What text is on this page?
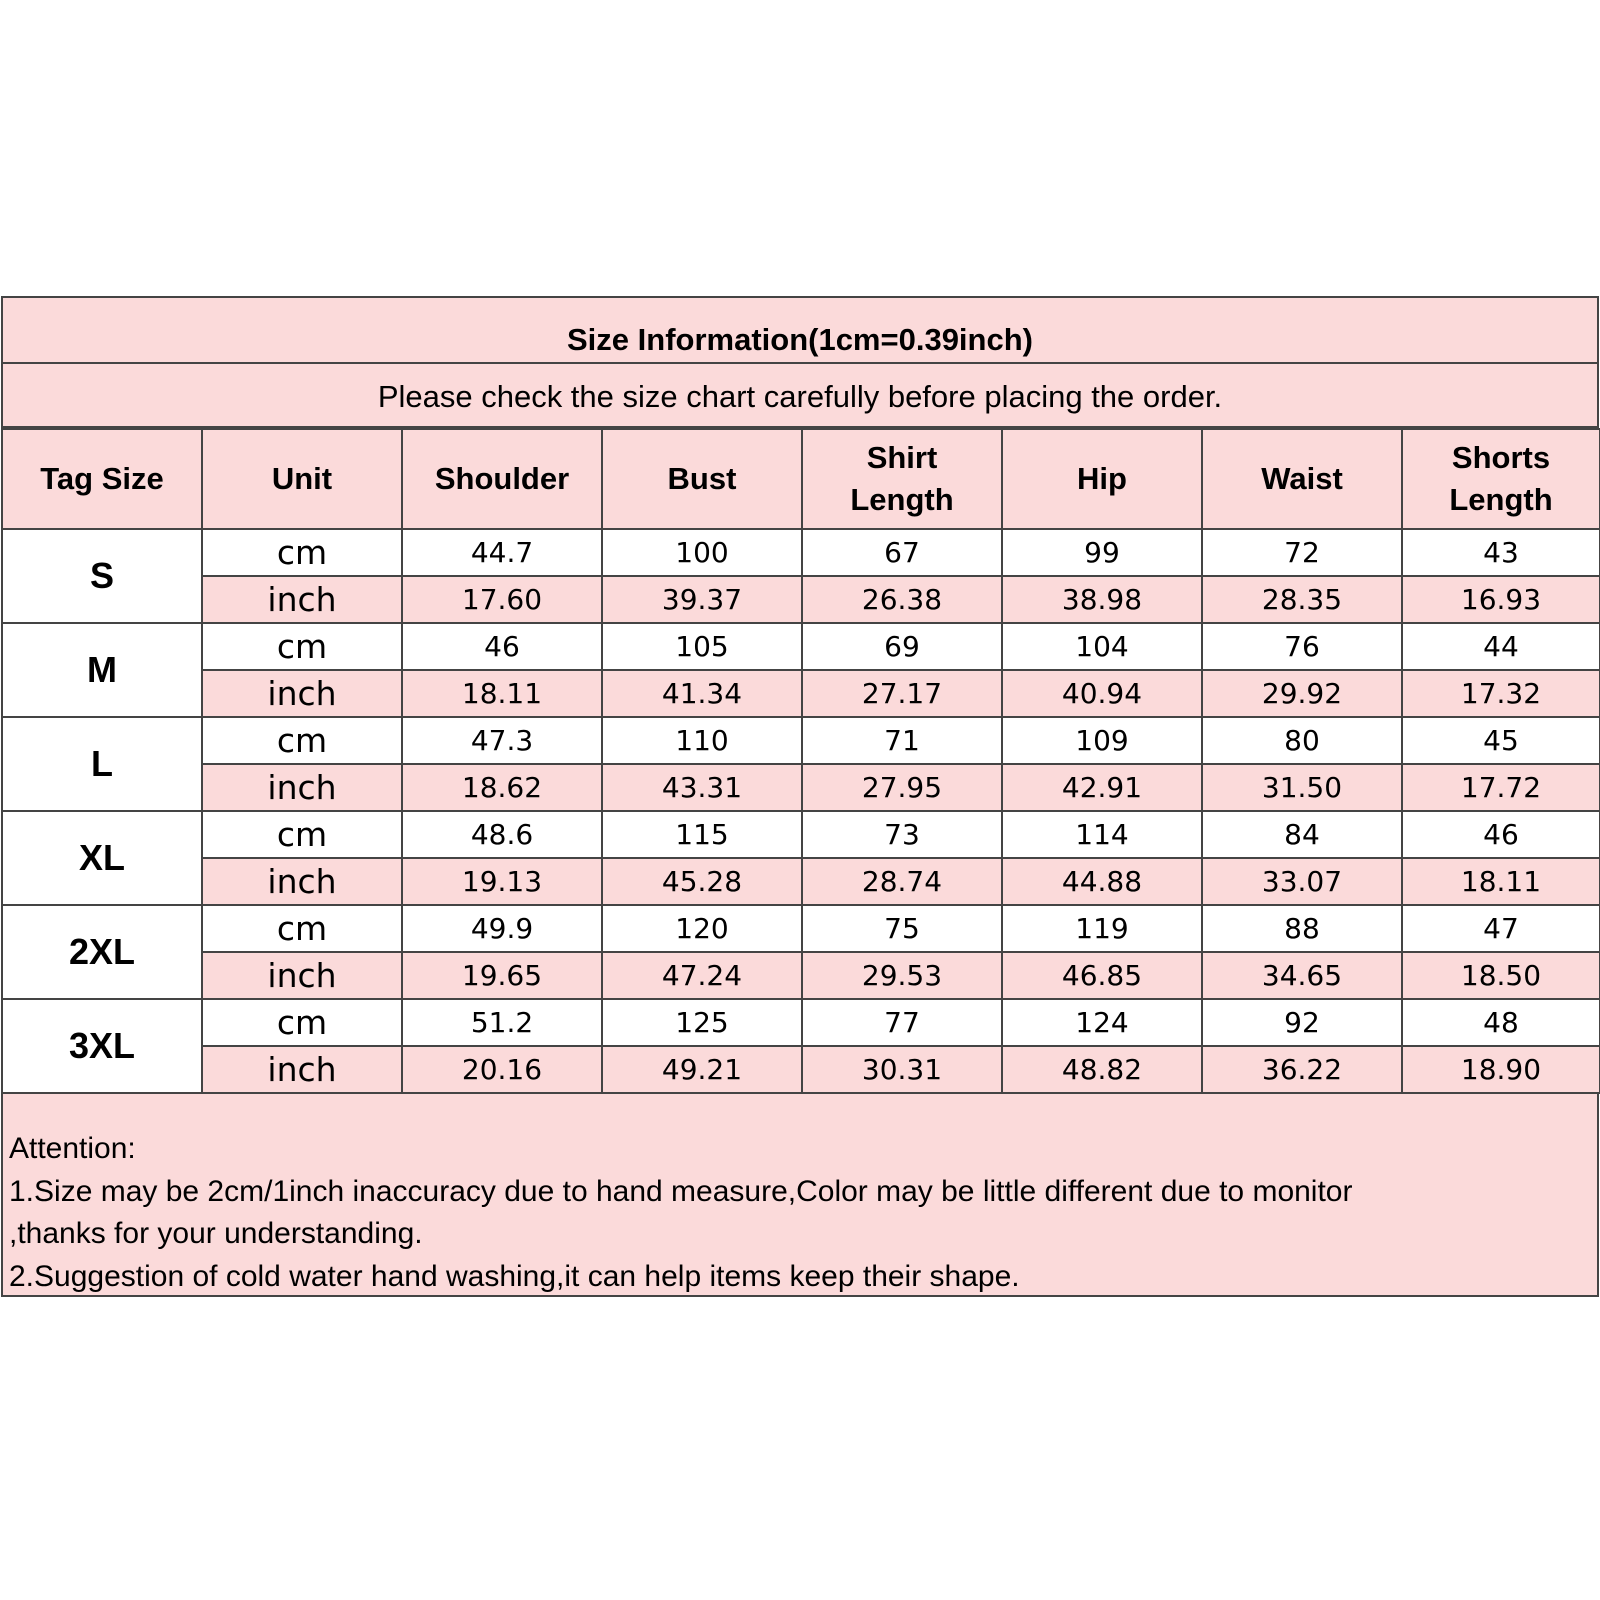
Size Information(1cm=0.39inch)
Please check the size chart carefully before placing the order.
Tag Size	Unit	Shoulder	Bust	Shirt Length	Hip	Waist	Shorts Length
S	cm	44.7	100	67	99	72	43
	inch	17.60	39.37	26.38	38.98	28.35	16.93
M	cm	46	105	69	104	76	44
	inch	18.11	41.34	27.17	40.94	29.92	17.32
L	cm	47.3	110	71	109	80	45
	inch	18.62	43.31	27.95	42.91	31.50	17.72
XL	cm	48.6	115	73	114	84	46
	inch	19.13	45.28	28.74	44.88	33.07	18.11
2XL	cm	49.9	120	75	119	88	47
	inch	19.65	47.24	29.53	46.85	34.65	18.50
3XL	cm	51.2	125	77	124	92	48
	inch	20.16	49.21	30.31	48.82	36.22	18.90
Attention:
1.Size may be 2cm/1inch inaccuracy due to hand measure,Color may be little different due to monitor
,thanks for your understanding.
2.Suggestion of cold water hand washing,it can help items keep their shape.
